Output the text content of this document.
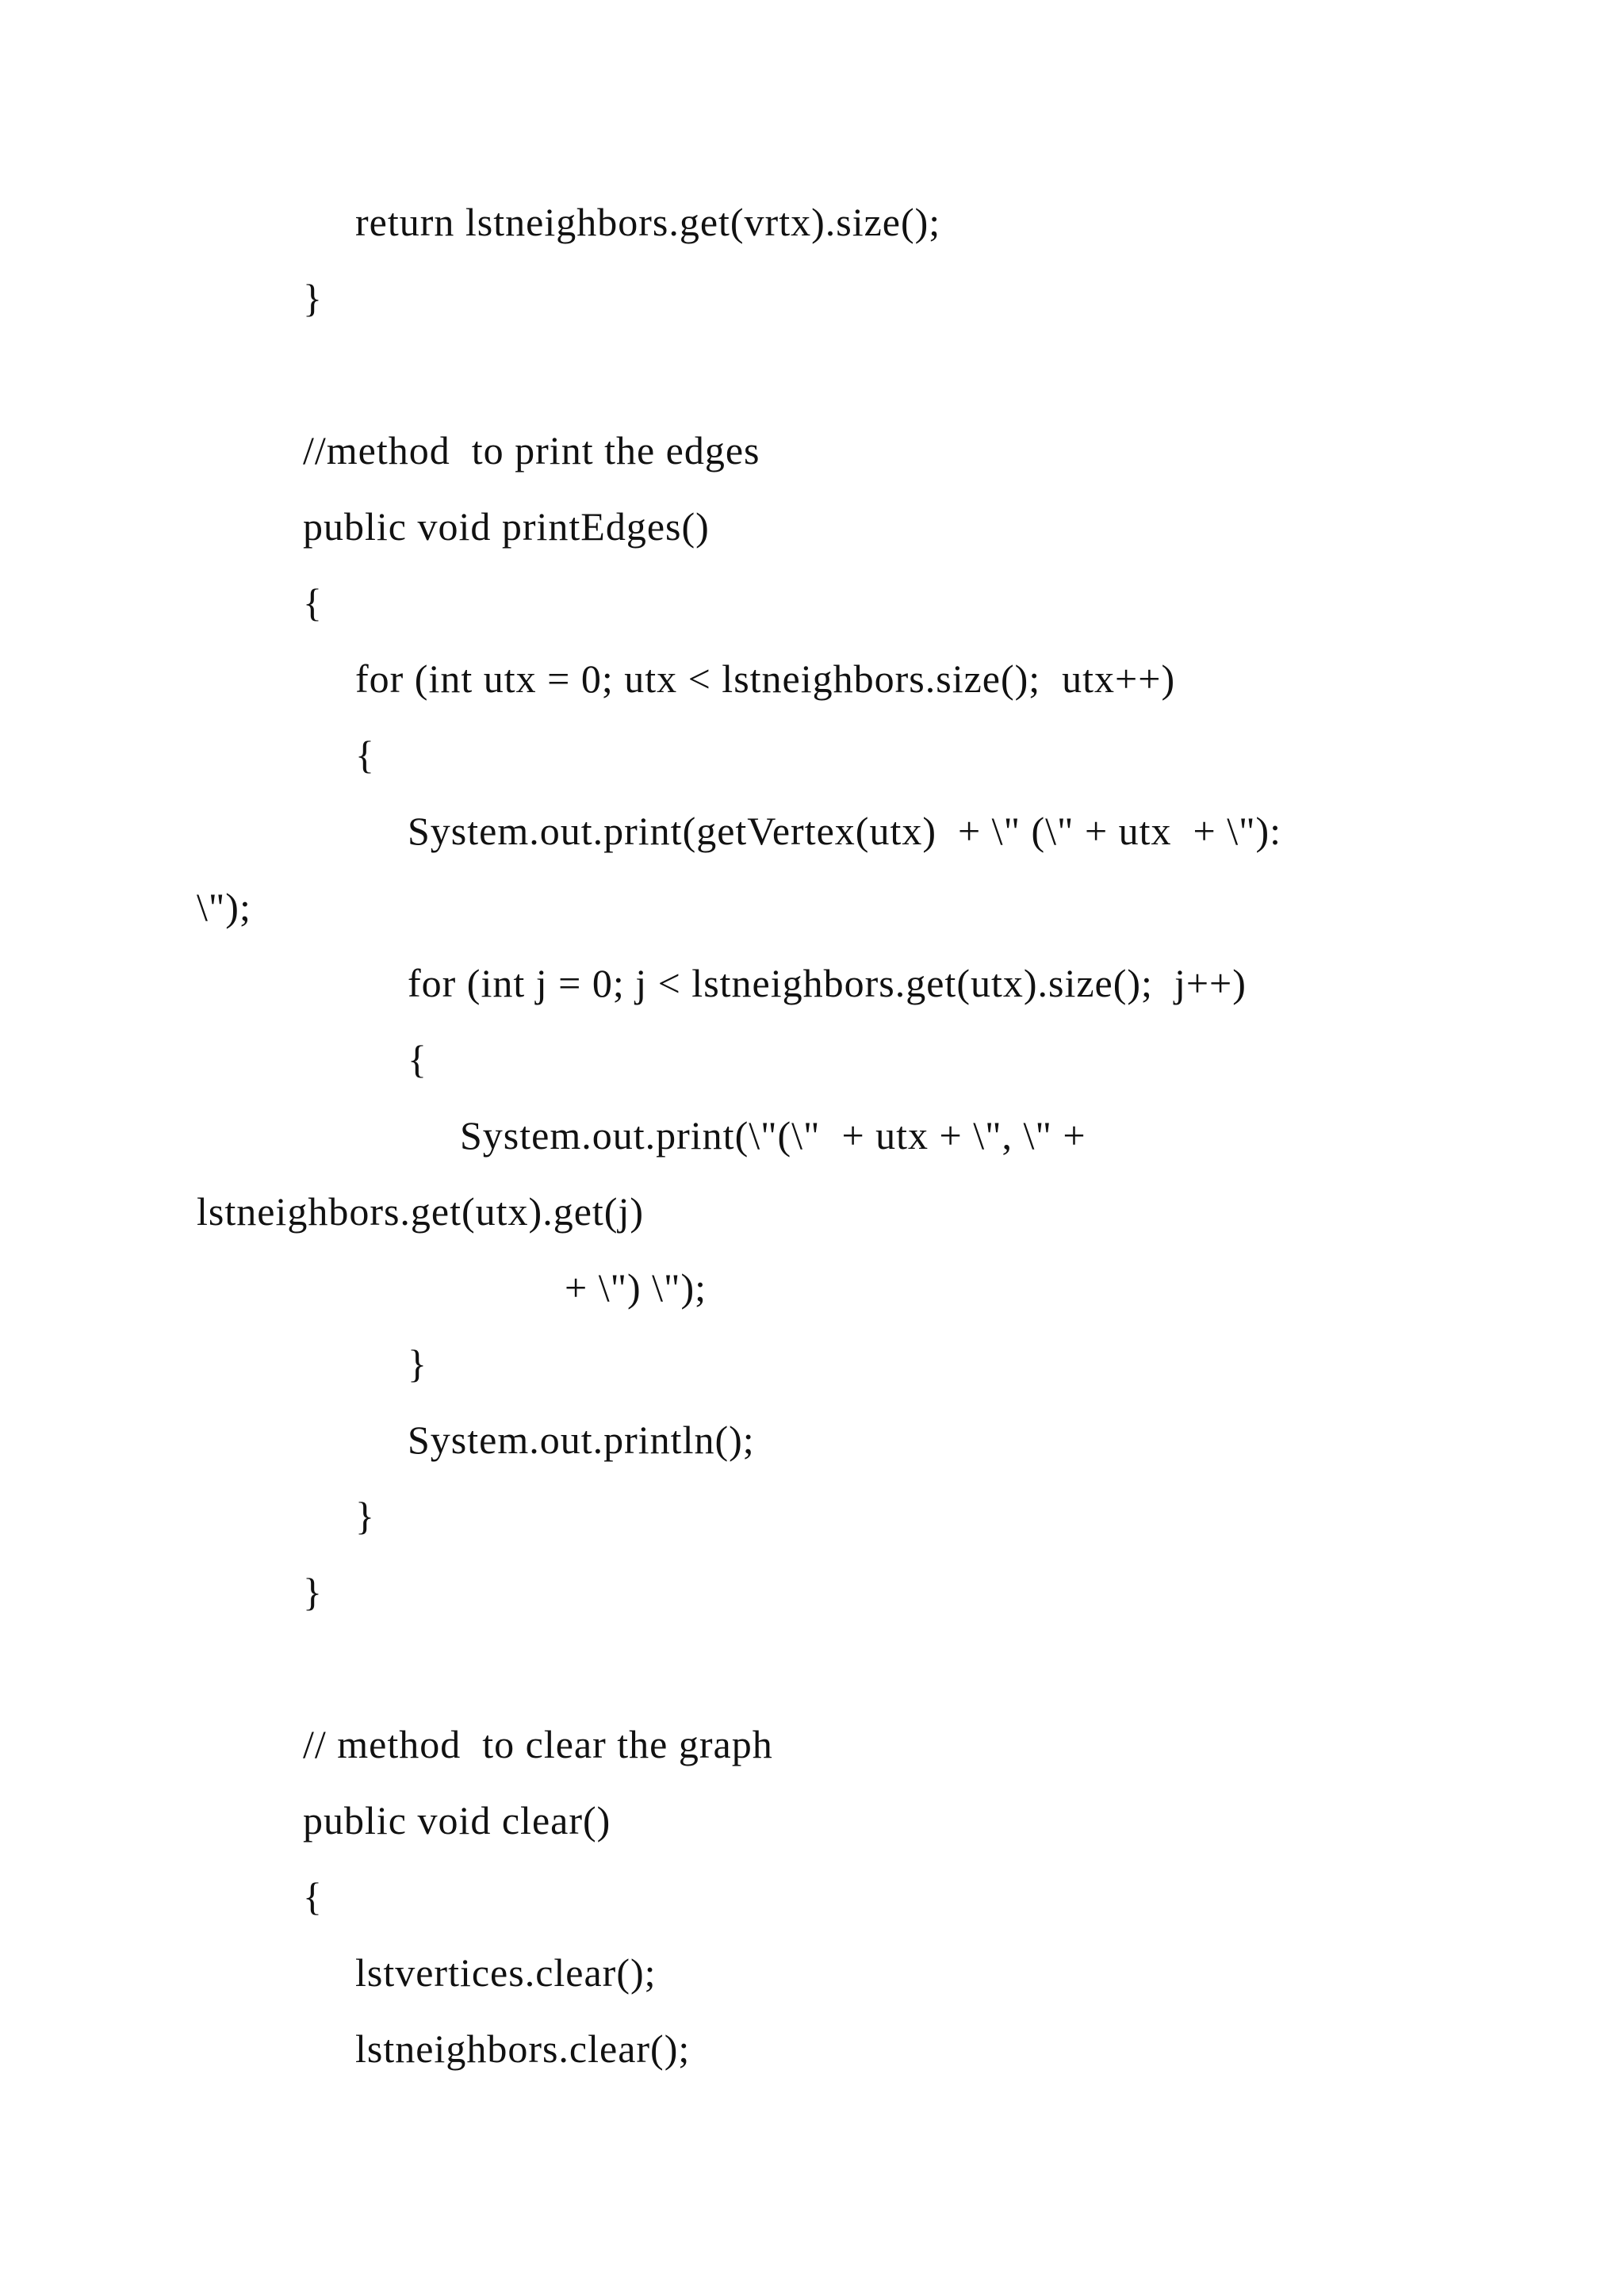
return lstneighbors.get(vrtx).size();
}
//method  to print the edges
public void printEdges()
{
for (int utx = 0; utx < lstneighbors.size();  utx++)
{
System.out.print(getVertex(utx)  + \" (\" + utx  + \"):
\");
for (int j = 0; j < lstneighbors.get(utx).size();  j++)
{
System.out.print(\"(\"  + utx + \", \" +
lstneighbors.get(utx).get(j)
+ \") \");
}
System.out.println();
}
}
// method  to clear the graph
public void clear()
{
lstvertices.clear();
lstneighbors.clear();
